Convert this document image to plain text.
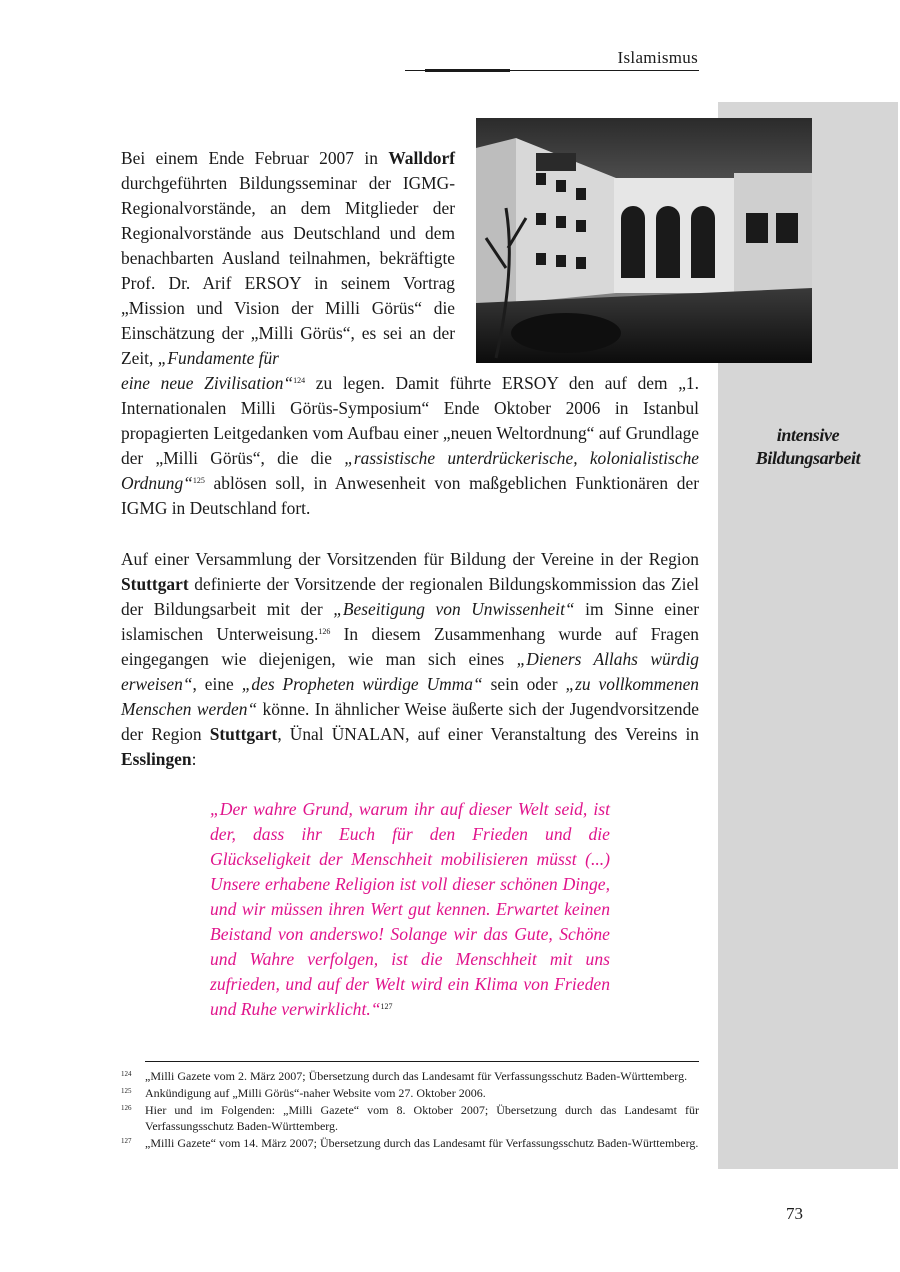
Islamismus
intensive
Bildungsarbeit
Bei einem Ende Februar 2007 in Walldorf durchgeführten Bildungsseminar der IGMG-Regionalvorstände, an dem Mitglieder der Regionalvorstände aus Deutschland und dem benachbarten Ausland teilnahmen, bekräftigte Prof. Dr. Arif ERSOY in seinem Vortrag „Mission und Vision der Milli Görüs“ die Einschätzung der „Milli Görüs“, es sei an der Zeit, „Fundamente für
eine neue Zivilisation“$^{124}$ zu legen. Damit führte ERSOY den auf dem „1. Internationalen Milli Görüs-Symposium“ Ende Oktober 2006 in Istanbul propagierten Leitgedanken vom Aufbau einer „neuen Weltordnung“ auf Grundlage der „Milli Görüs“, die die „rassistische unterdrückerische, kolonialistische Ordnung“$^{125}$ ablösen soll, in Anwesenheit von maßgeblichen Funktionären der IGMG in Deutschland fort.
Auf einer Versammlung der Vorsitzenden für Bildung der Vereine in der Region Stuttgart definierte der Vorsitzende der regionalen Bildungskommission das Ziel der Bildungsarbeit mit der „Beseitigung von Unwissenheit“ im Sinne einer islamischen Unterweisung.$^{126}$ In diesem Zusammenhang wurde auf Fragen eingegangen wie diejenigen, wie man sich eines „Dieners Allahs würdig erweisen“, eine „des Propheten würdige Umma“ sein oder „zu vollkommenen Menschen werden“ könne. In ähnlicher Weise äußerte sich der Jugendvorsitzende der Region Stuttgart, Ünal ÜNALAN, auf einer Veranstaltung des Vereins in Esslingen:
„Der wahre Grund, warum ihr auf dieser Welt seid, ist der, dass ihr Euch für den Frieden und die Glückseligkeit der Menschheit mobilisieren müsst (...) Unsere erhabene Religion ist voll dieser schönen Dinge, und wir müssen ihren Wert gut kennen. Erwartet keinen Beistand von anderswo! Solange wir das Gute, Schöne und Wahre verfolgen, ist die Menschheit mit uns zufrieden, und auf der Welt wird ein Klima von Frieden und Ruhe verwirklicht.“$^{127}$
124	„Milli Gazete vom 2. März 2007; Übersetzung durch das Landesamt für Verfassungsschutz Baden-Württemberg.
125	Ankündigung auf „Milli Görüs“-naher Website vom 27. Oktober 2006.
126	Hier und im Folgenden: „Milli Gazete“ vom 8. Oktober 2007; Übersetzung durch das Landesamt für Verfassungsschutz Baden-Württemberg.
127	„Milli Gazete“ vom 14. März 2007; Übersetzung durch das Landesamt für Verfassungsschutz Baden-Württemberg.
73
